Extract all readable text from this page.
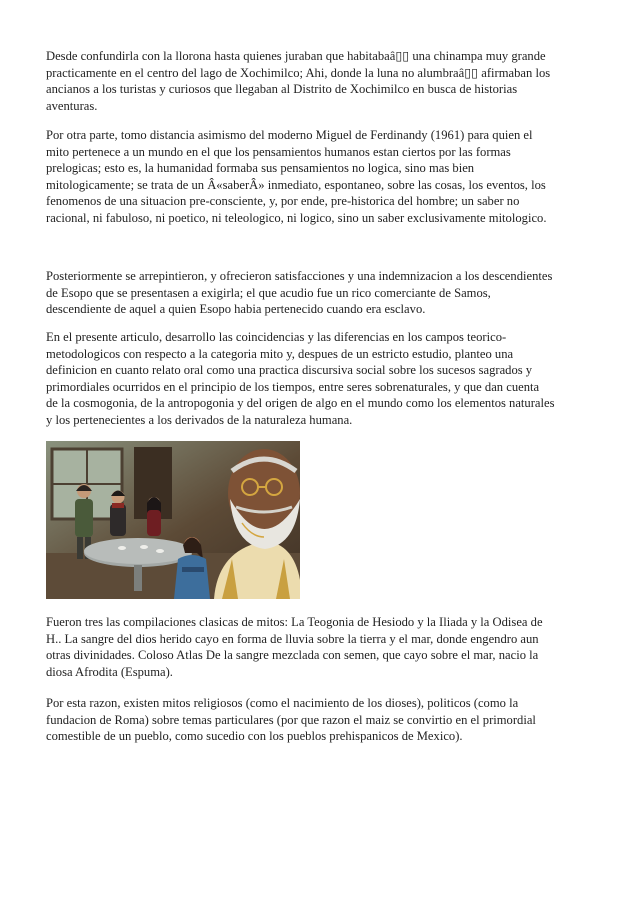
Desde confundirla con la llorona hasta quienes juraban que habitabaâ▯▯ una chinampa muy grande
practicamente en el centro del lago de Xochimilco; Ahi, donde la luna no alumbraâ▯▯ afirmaban los
ancianos a los turistas y curiosos que llegaban al Distrito de Xochimilco en busca de historias
aventuras.
Por otra parte, tomo distancia asimismo del moderno Miguel de Ferdinandy (1961) para quien el
mito pertenece a un mundo en el que los pensamientos humanos estan ciertos por las formas
prelogicas; esto es, la humanidad formaba sus pensamientos no logica, sino mas bien
mitologicamente; se trata de un Â«saberÂ» inmediato, espontaneo, sobre las cosas, los eventos, los
fenomenos de una situacion pre-consciente, y, por ende, pre-historica del hombre; un saber no
racional, ni fabuloso, ni poetico, ni teleologico, ni logico, sino un saber exclusivamente mitologico.
Posteriormente se arrepintieron, y ofrecieron satisfacciones y una indemnizacion a los descendientes
de Esopo que se presentasen a exigirla; el que acudio fue un rico comerciante de Samos,
descendiente de aquel a quien Esopo habia pertenecido cuando era esclavo.
En el presente articulo, desarrollo las coincidencias y las diferencias en los campos teorico-
metodologicos con respecto a la categoria mito y, despues de un estricto estudio, planteo una
definicion en cuanto relato oral como una practica discursiva social sobre los sucesos sagrados y
primordiales ocurridos en el principio de los tiempos, entre seres sobrenaturales, y que dan cuenta
de la cosmogonia, de la antropogonia y del origen de algo en el mundo como los elementos naturales
y los pertenecientes a los derivados de la naturaleza humana.
Fueron tres las compilaciones clasicas de mitos: La Teogonia de Hesiodo y la Iliada y la Odisea de
H.. La sangre del dios herido cayo en forma de lluvia sobre la tierra y el mar, donde engendro aun
otras divinidades. Coloso Atlas De la sangre mezclada con semen, que cayo sobre el mar, nacio la
diosa Afrodita (Espuma).
Por esta razon, existen mitos religiosos (como el nacimiento de los dioses), politicos (como la
fundacion de Roma) sobre temas particulares (por que razon el maiz se convirtio en el primordial
comestible de un pueblo, como sucedio con los pueblos prehispanicos de Mexico).
